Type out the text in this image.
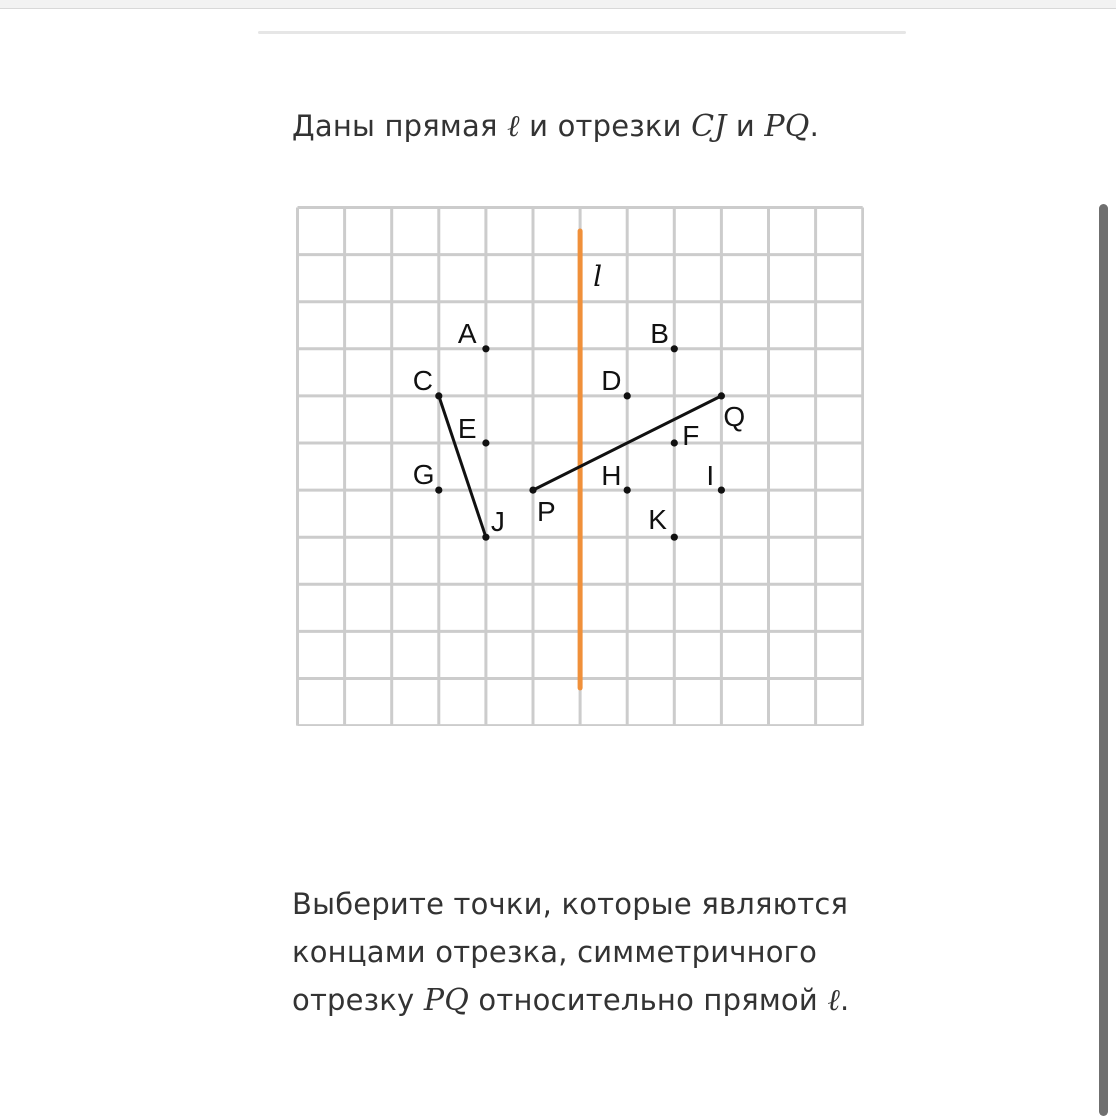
Даны прямая ℓ и отрезки CJ и PQ.
l
A	B
C	D
Q
E	F
G
P
H	I
J	K
Выберите точки, которые являются
концами отрезка, симметричного
отрезку PQ относительно прямой ℓ.
